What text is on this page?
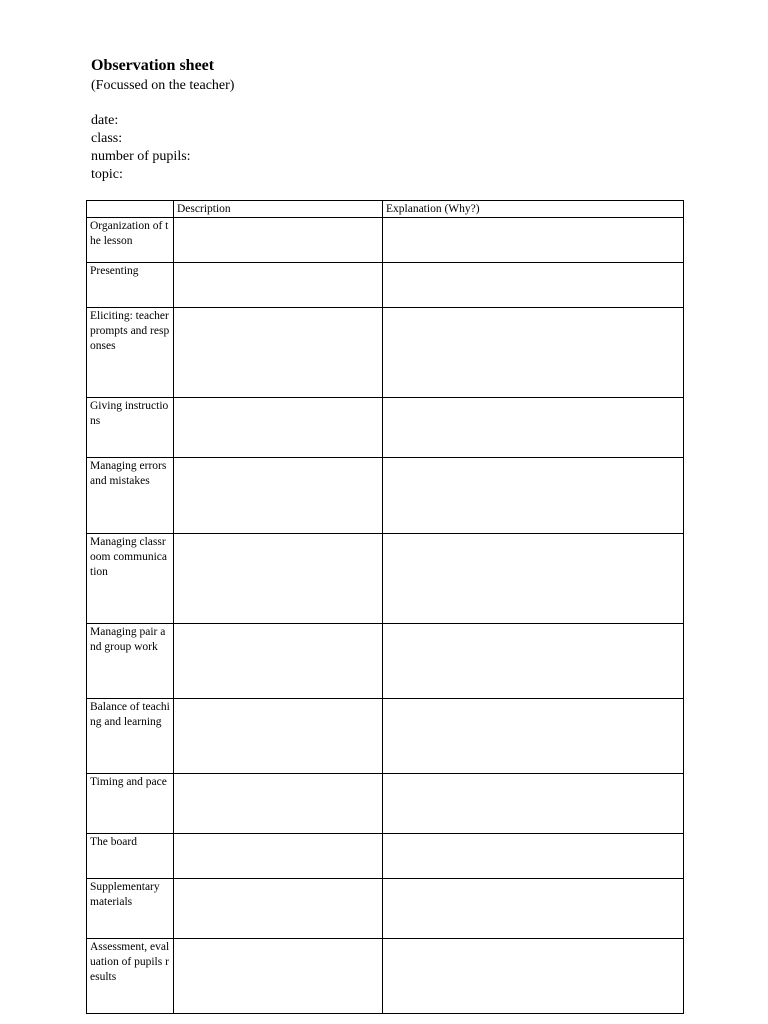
Observation sheet
(Focussed on the teacher)
date:
class:
number of pupils:
topic:
	Description	Explanation (Why?)
Organization of the lesson		
Presenting		
Eliciting: teacher prompts and responses		
Giving instructions		
Managing errors and mistakes		
Managing classroom communication		
Managing pair and group work		
Balance of teaching and learning		
Timing and pace		
The board		
Supplementary materials		
Assessment, evaluation of pupils results		
